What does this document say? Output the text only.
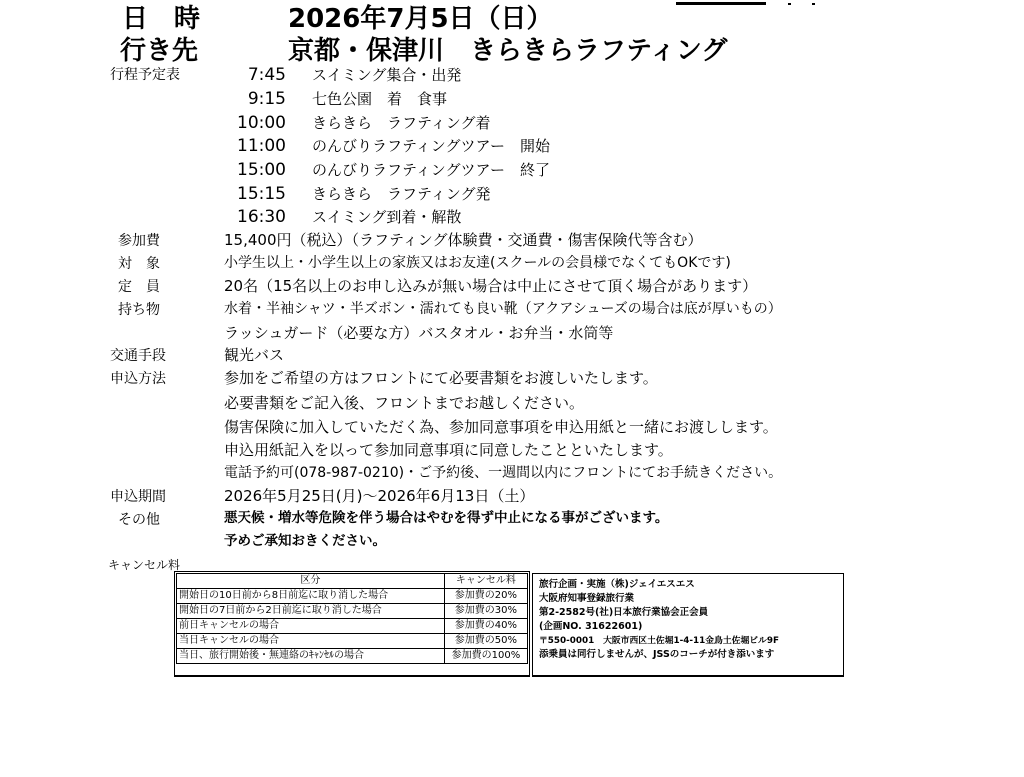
日　時	2026年7月5日（日）
行き先	京都・保津川　きらきらラフティング
行程予定表	7:45 スイミング集合・出発
9:15 七色公園　着　食事
10:00 きらきら　ラフティング着
11:00 のんびりラフティングツアー　開始
15:00 のんびりラフティングツアー　終了
15:15 きらきら　ラフティング発
16:30 スイミング到着・解散
参加費	15,400円（税込）（ラフティング体験費・交通費・傷害保険代等含む）
対　象	小学生以上・小学生以上の家族又はお友達(スクールの会員様でなくてもOKです)
定　員	20名（15名以上のお申し込みが無い場合は中止にさせて頂く場合があります）
持ち物	水着・半袖シャツ・半ズボン・濡れても良い靴（アクアシューズの場合は底が厚いもの）
ラッシュガード（必要な方）バスタオル・お弁当・水筒等
交通手段	観光バス
申込方法	参加をご希望の方はフロントにて必要書類をお渡しいたします。
必要書類をご記入後、フロントまでお越しください。
傷害保険に加入していただく為、参加同意事項を申込用紙と一緒にお渡しします。
申込用紙記入を以って参加同意事項に同意したことといたします。
電話予約可(078-987-0210)・ご予約後、一週間以内にフロントにてお手続きください。
申込期間	2026年5月25日(月)～2026年6月13日（土）
その他	悪天候・増水等危険を伴う場合はやむを得ず中止になる事がございます。
予めご承知おきください。
キャンセル料
区分	キャンセル料
開始日の10日前から8日前迄に取り消した場合	参加費の20%
開始日の7日前から2日前迄に取り消した場合	参加費の30%
前日キャンセルの場合	参加費の40%
当日キャンセルの場合	参加費の50%
当日、旅行開始後・無連絡のｷｬﾝｾﾙの場合	参加費の100%
旅行企画・実施（株)ジェイエスエス
大阪府知事登録旅行業
第2-2582号(社)日本旅行業協会正会員
(企画NO. 31622601)
〒550-0001　大阪市西区土佐堀1-4-11金鳥土佐堀ビル9F
添乗員は同行しませんが、JSSのコーチが付き添います
